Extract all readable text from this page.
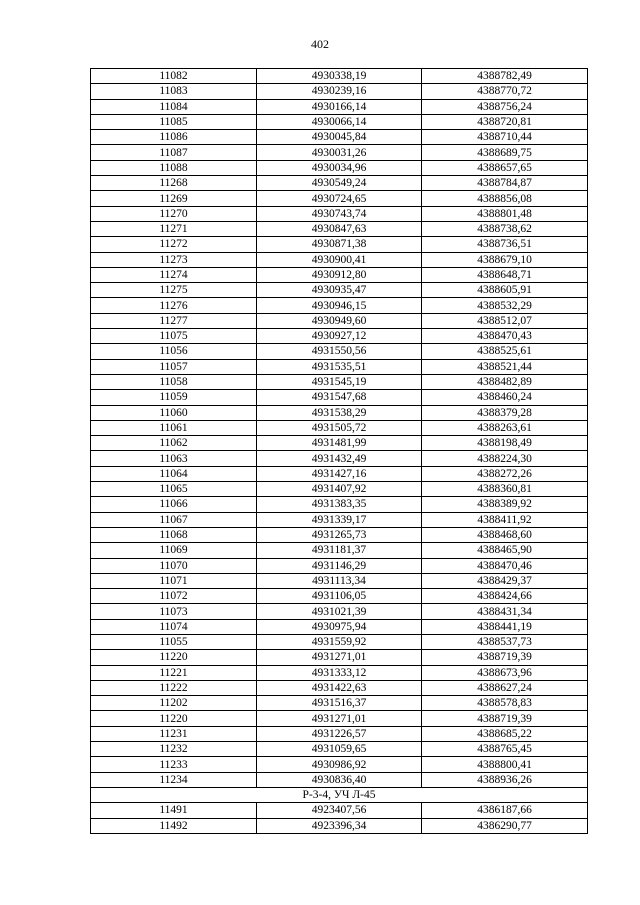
402
11082	4930338,19	4388782,49
11083	4930239,16	4388770,72
11084	4930166,14	4388756,24
11085	4930066,14	4388720,81
11086	4930045,84	4388710,44
11087	4930031,26	4388689,75
11088	4930034,96	4388657,65
11268	4930549,24	4388784,87
11269	4930724,65	4388856,08
11270	4930743,74	4388801,48
11271	4930847,63	4388738,62
11272	4930871,38	4388736,51
11273	4930900,41	4388679,10
11274	4930912,80	4388648,71
11275	4930935,47	4388605,91
11276	4930946,15	4388532,29
11277	4930949,60	4388512,07
11075	4930927,12	4388470,43
11056	4931550,56	4388525,61
11057	4931535,51	4388521,44
11058	4931545,19	4388482,89
11059	4931547,68	4388460,24
11060	4931538,29	4388379,28
11061	4931505,72	4388263,61
11062	4931481,99	4388198,49
11063	4931432,49	4388224,30
11064	4931427,16	4388272,26
11065	4931407,92	4388360,81
11066	4931383,35	4388389,92
11067	4931339,17	4388411,92
11068	4931265,73	4388468,60
11069	4931181,37	4388465,90
11070	4931146,29	4388470,46
11071	4931113,34	4388429,37
11072	4931106,05	4388424,66
11073	4931021,39	4388431,34
11074	4930975,94	4388441,19
11055	4931559,92	4388537,73
11220	4931271,01	4388719,39
11221	4931333,12	4388673,96
11222	4931422,63	4388627,24
11202	4931516,37	4388578,83
11220	4931271,01	4388719,39
11231	4931226,57	4388685,22
11232	4931059,65	4388765,45
11233	4930986,92	4388800,41
11234	4930836,40	4388936,26
Р-3-4, УЧ Л-45		
11491	4923407,56	4386187,66
11492	4923396,34	4386290,77
